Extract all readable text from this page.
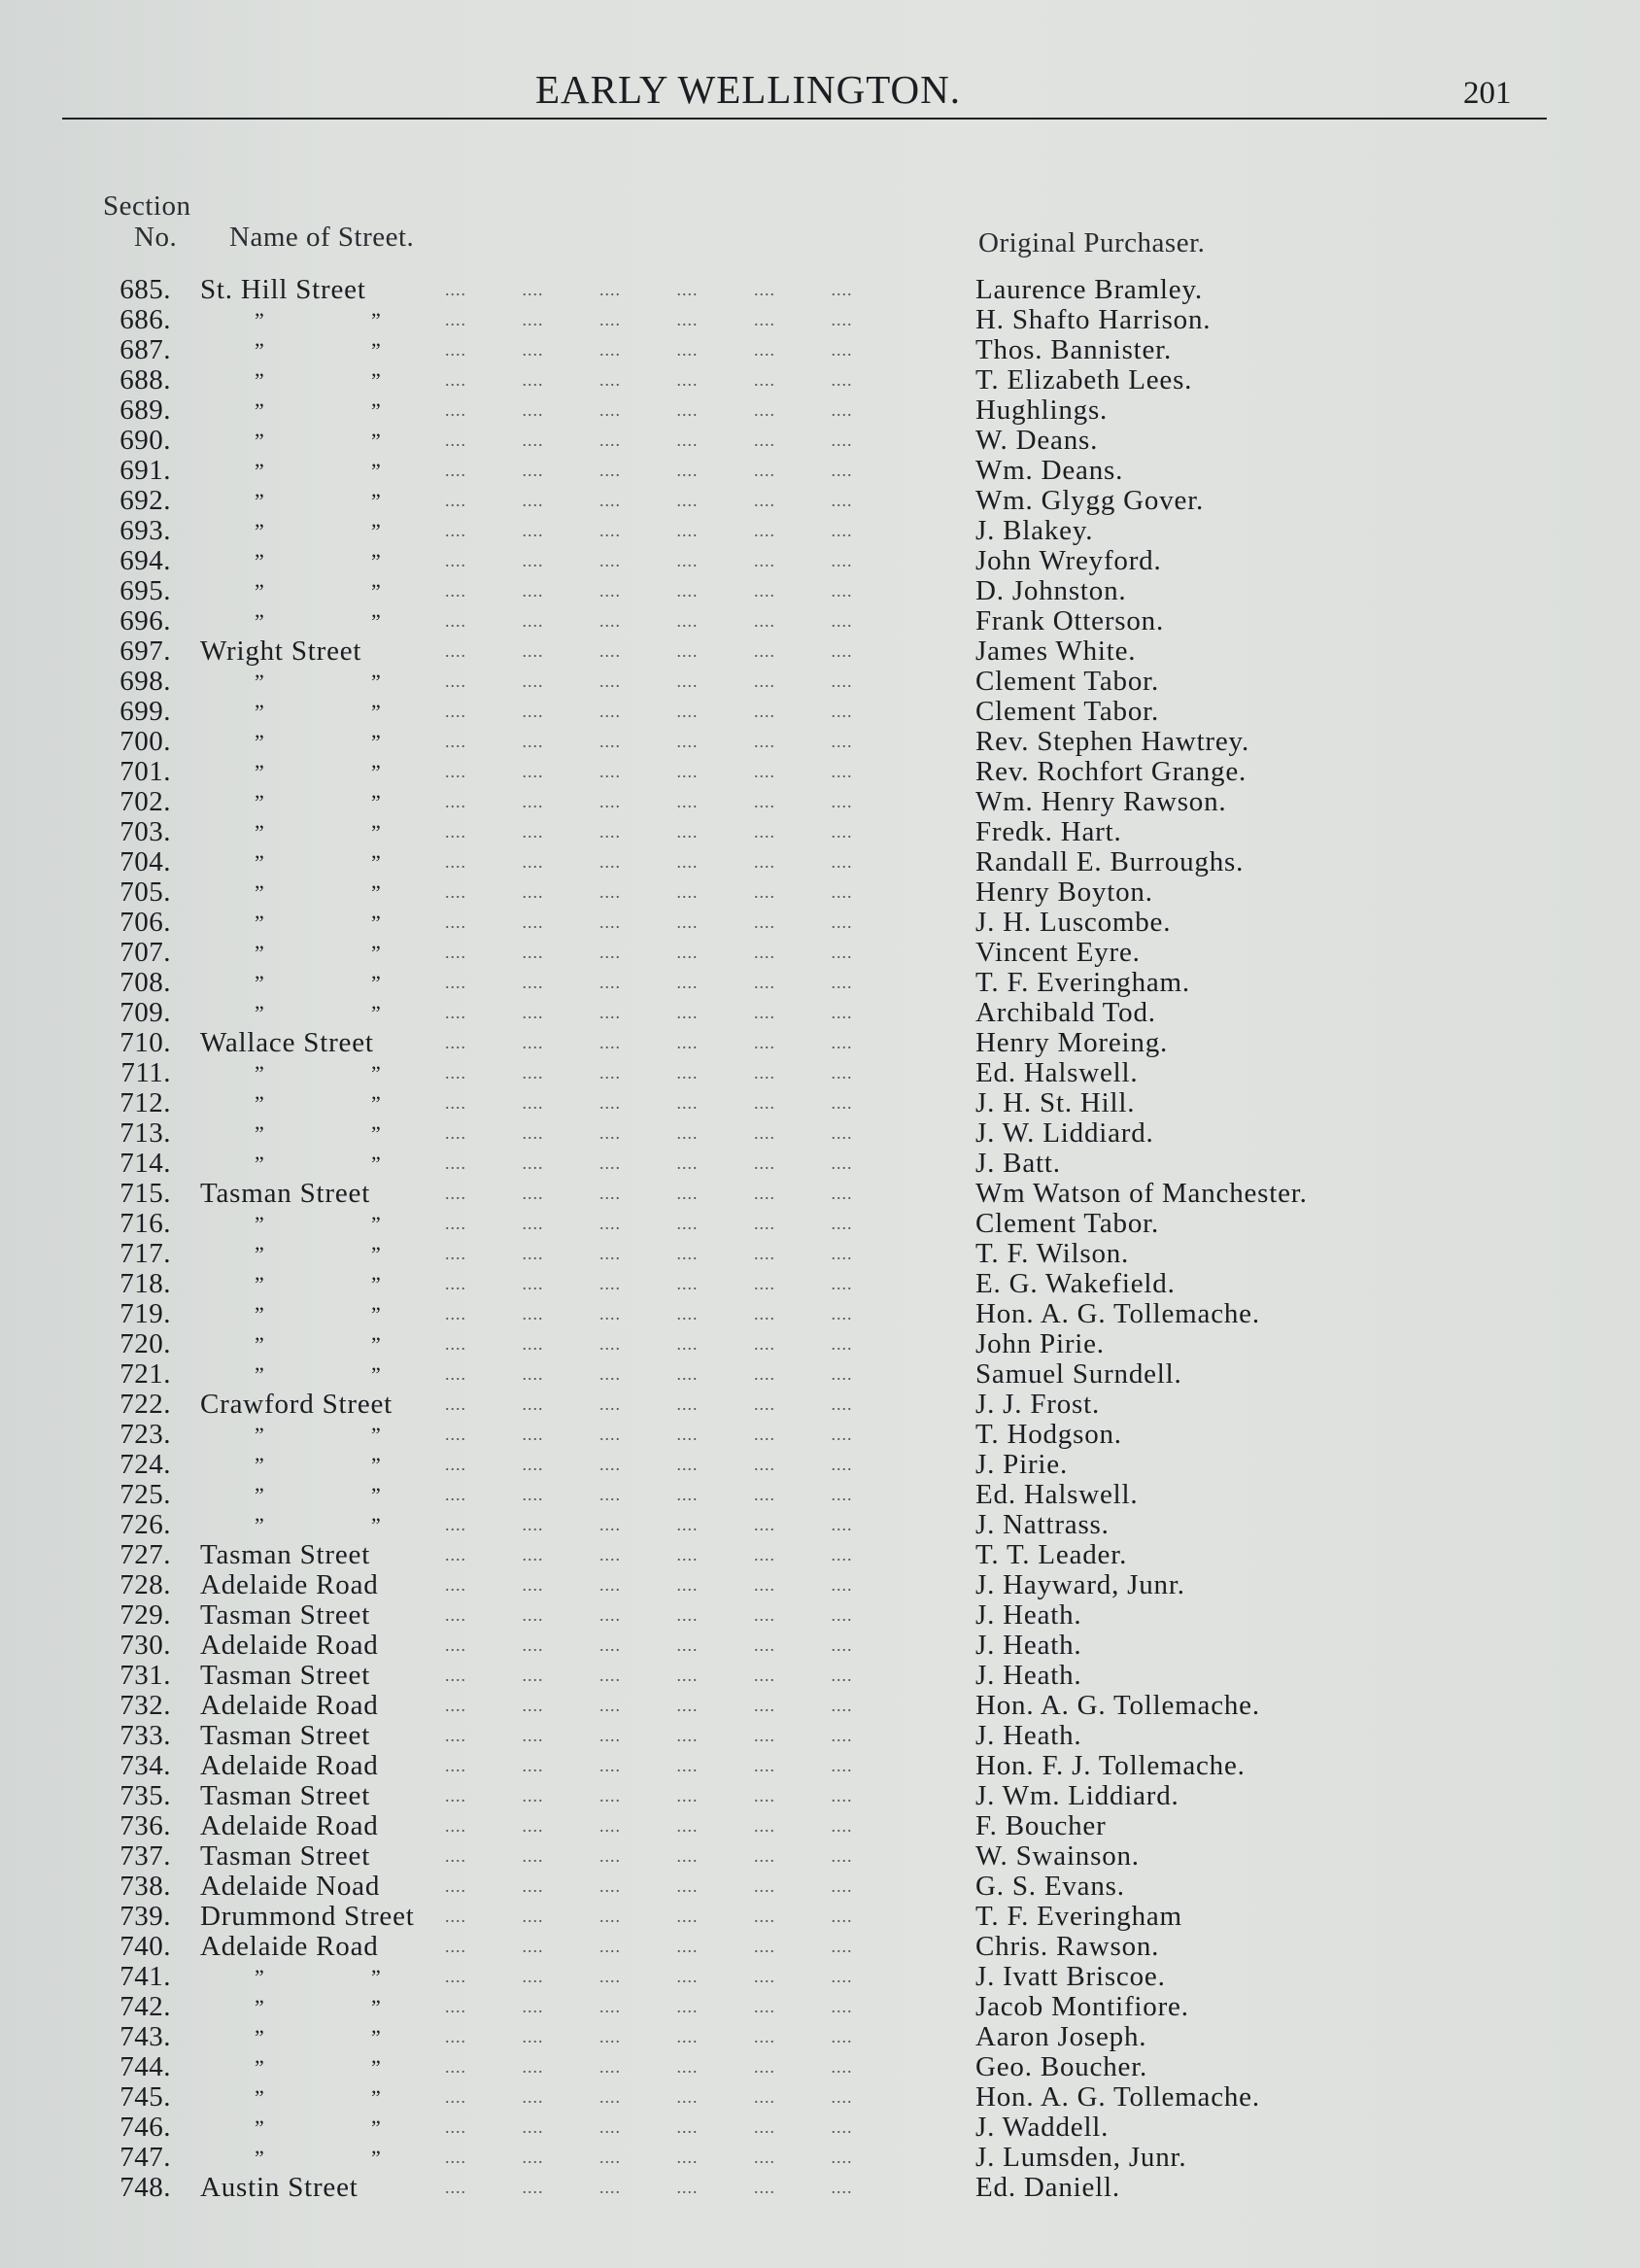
EARLY WELLINGTON.	201
Section
No. Name of Street.	Original Purchaser.
685. St. Hill Street	.... .... .... .... .... ....	Laurence Bramley.
686.	”	”	.... .... .... .... .... ....	H. Shafto Harrison.
687.	”	”	.... .... .... .... .... ....	Thos. Bannister.
688.	”	”	.... .... .... .... .... ....	T. Elizabeth Lees.
689.	”	”	.... .... .... .... .... ....	Hughlings.
690.	”	”	.... .... .... .... .... ....	W. Deans.
691.	”	”	.... .... .... .... .... ....	Wm. Deans.
692.	”	”	.... .... .... .... .... ....	Wm. Glygg Gover.
693.	”	”	.... .... .... .... .... ....	J. Blakey.
694.	”	”	.... .... .... .... .... ....	John Wreyford.
695.	”	”	.... .... .... .... .... ....	D. Johnston.
696.	”	”	.... .... .... .... .... ....	Frank Otterson.
697. Wright Street	.... .... .... .... .... ....	James White.
698.	”	”	.... .... .... .... .... ....	Clement Tabor.
699.	”	”	.... .... .... .... .... ....	Clement Tabor.
700.	”	”	.... .... .... .... .... ....	Rev. Stephen Hawtrey.
701.	”	”	.... .... .... .... .... ....	Rev. Rochfort Grange.
702.	”	”	.... .... .... .... .... ....	Wm. Henry Rawson.
703.	”	”	.... .... .... .... .... ....	Fredk. Hart.
704.	”	”	.... .... .... .... .... ....	Randall E. Burroughs.
705.	”	”	.... .... .... .... .... ....	Henry Boyton.
706.	”	”	.... .... .... .... .... ....	J. H. Luscombe.
707.	”	”	.... .... .... .... .... ....	Vincent Eyre.
708.	”	”	.... .... .... .... .... ....	T. F. Everingham.
709.	”	”	.... .... .... .... .... ....	Archibald Tod.
710. Wallace Street	.... .... .... .... .... ....	Henry Moreing.
711.	”	”	.... .... .... .... .... ....	Ed. Halswell.
712.	”	”	.... .... .... .... .... ....	J. H. St. Hill.
713.	”	”	.... .... .... .... .... ....	J. W. Liddiard.
714.	”	”	.... .... .... .... .... ....	J. Batt.
715. Tasman Street	.... .... .... .... .... ....	Wm Watson of Manchester.
716.	”	”	.... .... .... .... .... ....	Clement Tabor.
717.	”	”	.... .... .... .... .... ....	T. F. Wilson.
718.	”	”	.... .... .... .... .... ....	E. G. Wakefield.
719.	”	”	.... .... .... .... .... ....	Hon. A. G. Tollemache.
720.	”	”	.... .... .... .... .... ....	John Pirie.
721.	”	”	.... .... .... .... .... ....	Samuel Surndell.
722. Crawford Street	.... .... .... .... .... ....	J. J. Frost.
723.	”	”	.... .... .... .... .... ....	T. Hodgson.
724.	”	”	.... .... .... .... .... ....	J. Pirie.
725.	”	”	.... .... .... .... .... ....	Ed. Halswell.
726.	”	”	.... .... .... .... .... ....	J. Nattrass.
727. Tasman Street	.... .... .... .... .... ....	T. T. Leader.
728. Adelaide Road	.... .... .... .... .... ....	J. Hayward, Junr.
729. Tasman Street	.... .... .... .... .... ....	J. Heath.
730. Adelaide Road	.... .... .... .... .... ....	J. Heath.
731. Tasman Street	.... .... .... .... .... ....	J. Heath.
732. Adelaide Road	.... .... .... .... .... ....	Hon. A. G. Tollemache.
733. Tasman Street	.... .... .... .... .... ....	J. Heath.
734. Adelaide Road	.... .... .... .... .... ....	Hon. F. J. Tollemache.
735. Tasman Street	.... .... .... .... .... ....	J. Wm. Liddiard.
736. Adelaide Road	.... .... .... .... .... ....	F. Boucher
737. Tasman Street	.... .... .... .... .... ....	W. Swainson.
738. Adelaide Noad	.... .... .... .... .... ....	G. S. Evans.
739. Drummond Street .... .... .... .... .... ....	T. F. Everingham
740. Adelaide Road	.... .... .... .... .... ....	Chris. Rawson.
741.	”	”	.... .... .... .... .... ....	J. Ivatt Briscoe.
742.	”	”	.... .... .... .... .... ....	Jacob Montifiore.
743.	”	”	.... .... .... .... .... ....	Aaron Joseph.
744.	”	”	.... .... .... .... .... ....	Geo. Boucher.
745.	”	”	.... .... .... .... .... ....	Hon. A. G. Tollemache.
746.	”	”	.... .... .... .... .... ....	J. Waddell.
747.	”	”	.... .... .... .... .... ....	J. Lumsden, Junr.
748. Austin Street	.... .... .... .... .... ....	Ed. Daniell.
